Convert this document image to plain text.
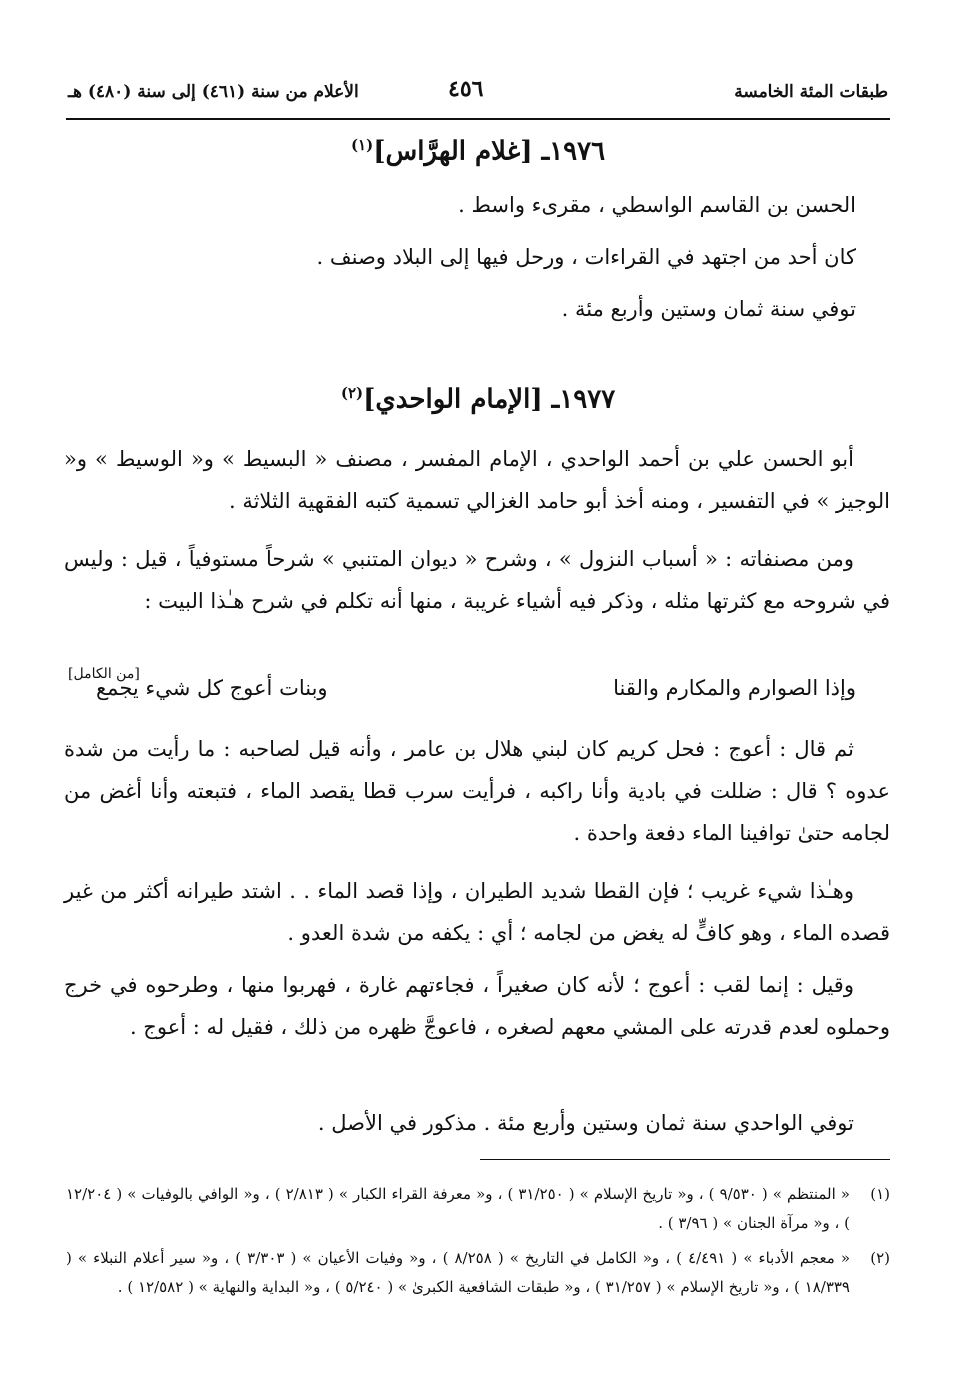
طبقات المئة الخامسة
٤٥٦
الأعلام من سنة (٤٦١) إلى سنة (٤٨٠) هـ
١٩٧٦ـ [غلام الهرَّاس]$^{(١)}$
الحسن بن القاسم الواسطي ، مقرىء واسط .
كان أحد من اجتهد في القراءات ، ورحل فيها إلى البلاد وصنف .
توفي سنة ثمان وستين وأربع مئة .
١٩٧٧ـ [الإمام الواحدي]$^{(٢)}$
أبو الحسن علي بن أحمد الواحدي ، الإمام المفسر ، مصنف « البسيط » و« الوسيط » و« الوجيز » في التفسير ، ومنه أخذ أبو حامد الغزالي تسمية كتبه الفقهية الثلاثة .
ومن مصنفاته : « أسباب النزول » ، وشرح « ديوان المتنبي » شرحاً مستوفياً ، قيل : وليس في شروحه مع كثرتها مثله ، وذكر فيه أشياء غريبة ، منها أنه تكلم في شرح هـٰذا البيت :
[من الكامل]
وإذا الصوارم والمكارم والقنا
وبنات أعوج كل شيء يجمع
ثم قال : أعوج : فحل كريم كان لبني هلال بن عامر ، وأنه قيل لصاحبه : ما رأيت من شدة عدوه ؟ قال : ضللت في بادية وأنا راكبه ، فرأيت سرب قطا يقصد الماء ، فتبعته وأنا أغض من لجامه حتىٰ توافينا الماء دفعة واحدة .
وهـٰذا شيء غريب ؛ فإن القطا شديد الطيران ، وإذا قصد الماء . . اشتد طيرانه أكثر من غير قصده الماء ، وهو كافٍّ له يغض من لجامه ؛ أي : يكفه من شدة العدو .
وقيل : إنما لقب : أعوج ؛ لأنه كان صغيراً ، فجاءتهم غارة ، فهربوا منها ، وطرحوه في خرج وحملوه لعدم قدرته على المشي معهم لصغره ، فاعوجَّ ظهره من ذلك ، فقيل له : أعوج .
توفي الواحدي سنة ثمان وستين وأربع مئة . مذكور في الأصل .
(١)
« المنتظم » ( ٩/٥٣٠ ) ، و« تاريخ الإسلام » ( ٣١/٢٥٠ ) ، و« معرفة القراء الكبار » ( ٢/٨١٣ ) ، و« الوافي بالوفيات » ( ١٢/٢٠٤ ) ، و« مرآة الجنان » ( ٣/٩٦ ) .
(٢)
« معجم الأدباء » ( ٤/٤٩١ ) ، و« الكامل في التاريخ » ( ٨/٢٥٨ ) ، و« وفيات الأعيان » ( ٣/٣٠٣ ) ، و« سير أعلام النبلاء » ( ١٨/٣٣٩ ) ، و« تاريخ الإسلام » ( ٣١/٢٥٧ ) ، و« طبقات الشافعية الكبرىٰ » ( ٥/٢٤٠ ) ، و« البداية والنهاية » ( ١٢/٥٨٢ ) .
